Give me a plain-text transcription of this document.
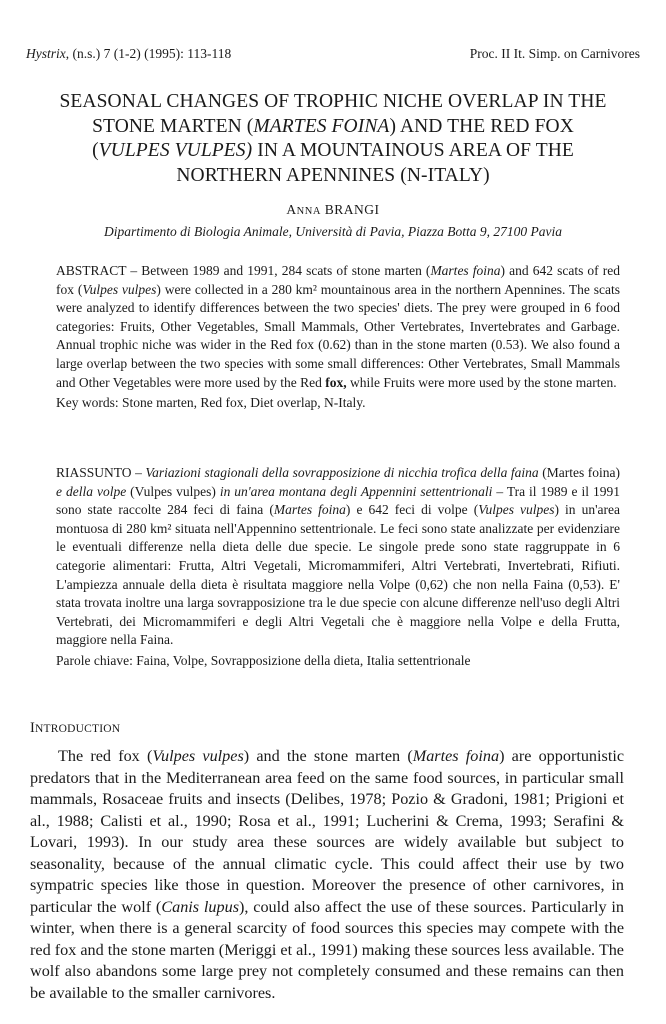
Hystrix, (n.s.) 7 (1-2) (1995): 113-118	Proc. II It. Simp. on Carnivores
SEASONAL CHANGES OF TROPHIC NICHE OVERLAP IN THE
STONE MARTEN (MARTES FOINA) AND THE RED FOX
(VULPES VULPES) IN A MOUNTAINOUS AREA OF THE
NORTHERN APENNINES (N-ITALY)
ANNA BRANGI
Dipartimento di Biologia Animale, Università di Pavia, Piazza Botta 9, 27100 Pavia

ABSTRACT – Between 1989 and 1991, 284 scats of stone marten (Martes foina) and 642 scats of red fox (Vulpes vulpes) were collected in a 280 km² mountainous area in the northern Apennines. The scats were analyzed to identify differences between the two species' diets. The prey were grouped in 6 food categories: Fruits, Other Vegetables, Small Mammals, Other Vertebrates, Invertebrates and Garbage. Annual trophic niche was wider in the Red fox (0.62) than in the stone marten (0.53). We also found a large overlap between the two species with some small differences: Other Vertebrates, Small Mammals and Other Vegetables were more used by the Red fox, while Fruits were more used by the stone marten.

Key words: Stone marten, Red fox, Diet overlap, N-Italy.

RIASSUNTO – Variazioni stagionali della sovrapposizione di nicchia trofica della faina (Martes foina) e della volpe (Vulpes vulpes) in un'area montana degli Appennini settentrionali – Tra il 1989 e il 1991 sono state raccolte 284 feci di faina (Martes foina) e 642 feci di volpe (Vulpes vulpes) in un'area montuosa di 280 km² situata nell'Appennino settentrionale. Le feci sono state analizzate per evidenziare le eventuali differenze nella dieta delle due specie. Le singole prede sono state raggruppate in 6 categorie alimentari: Frutta, Altri Vegetali, Micromammiferi, Altri Vertebrati, Invertebrati, Rifiuti. L'ampiezza annuale della dieta è risultata maggiore nella Volpe (0,62) che non nella Faina (0,53). E' stata trovata inoltre una larga sovrapposizione tra le due specie con alcune differenze nell'uso degli Altri Vertebrati, dei Micromammiferi e degli Altri Vegetali che è maggiore nella Volpe e della Frutta, maggiore nella Faina.

Parole chiave: Faina, Volpe, Sovrapposizione della dieta, Italia settentrionale

INTRODUCTION

The red fox (Vulpes vulpes) and the stone marten (Martes foina) are opportunistic predators that in the Mediterranean area feed on the same food sources, in particular small mammals, Rosaceae fruits and insects (Delibes, 1978; Pozio & Gradoni, 1981; Prigioni et al., 1988; Calisti et al., 1990; Rosa et al., 1991; Lucherini & Crema, 1993; Serafini & Lovari, 1993). In our study area these sources are widely available but subject to seasonality, because of the annual climatic cycle. This could affect their use by two sympatric species like those in question. Moreover the presence of other carnivores, in particular the wolf (Canis lupus), could also affect the use of these sources. Particularly in winter, when there is a general scarcity of food sources this species may compete with the red fox and the stone marten (Meriggi et al., 1991) making these sources less available. The wolf also abandons some large prey not completely consumed and these remains can then be available to the smaller carnivores.
